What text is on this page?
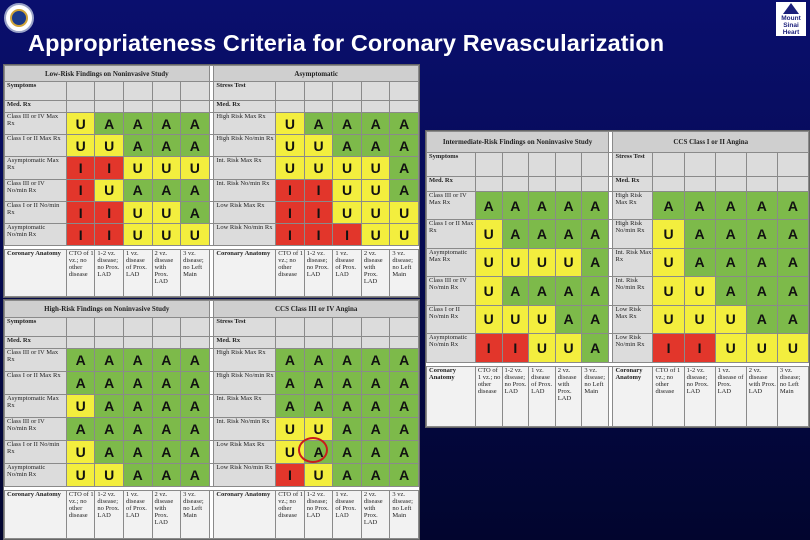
Mount
Sinai
Heart
Appropriateness Criteria for Coronary Revascularization
Low-Risk Findings on Noninvasive Study							Asymptomatic					
Symptoms							Stress Test					
Med. Rx							Med. Rx					
Class III or IV Max Rx	U	A	A	A	A		High Risk Max Rx	U	A	A	A	A
Class I or II Max Rx	U	U	A	A	A		High Risk No/min Rx	U	U	A	A	A
Asymptomatic Max Rx	I	I	U	U	U		Int. Risk Max Rx	U	U	U	U	A
Class III or IV No/min Rx	I	U	A	A	A		Int. Risk No/min Rx	I	I	U	U	A
Class I or II No/min Rx	I	I	U	U	A		Low Risk Max Rx	I	I	U	U	U
Asymptomatic No/min Rx	I	I	U	U	U		Low Risk No/min Rx	I	I	I	U	U

Coronary Anatomy	CTO of 1 vz.; no other disease	1-2 vz. disease; no Prox. LAD	1 vz. disease of Prox. LAD	2 vz. disease with Prox. LAD	3 vz. disease; no Left Main		Coronary Anatomy	CTO of 1 vz.; no other disease	1-2 vz. disease; no Prox. LAD	1 vz. disease of Prox. LAD	2 vz. disease with Prox. LAD	3 vz. disease; no Left Main
High-Risk Findings on Noninvasive Study							CCS Class III or IV Angina					
Symptoms							Stress Test					
Med. Rx							Med. Rx					
Class III or IV Max Rx	A	A	A	A	A		High Risk Max Rx	A	A	A	A	A
Class I or II Max Rx	A	A	A	A	A		High Risk No/min Rx	A	A	A	A	A
Asymptomatic Max Rx	U	A	A	A	A		Int. Risk Max Rx	A	A	A	A	A
Class III or IV No/min Rx	A	A	A	A	A		Int. Risk No/min Rx	U	U	A	A	A
Class I or II No/min Rx	U	A	A	A	A		Low Risk Max Rx	U	A	A	A	A
Asymptomatic No/min Rx	U	U	A	A	A		Low Risk No/min Rx	I	U	A	A	A

Coronary Anatomy	CTO of 1 vz.; no other disease	1-2 vz. disease; no Prox. LAD	1 vz. disease of Prox. LAD	2 vz. disease with Prox. LAD	3 vz. disease; no Left Main		Coronary Anatomy	CTO of 1 vz.; no other disease	1-2 vz. disease; no Prox. LAD	1 vz. disease of Prox. LAD	2 vz. disease with Prox. LAD	3 vz. disease; no Left Main
Intermediate-Risk Findings on Noninvasive Study							CCS Class I or II Angina					
Symptoms							Stress Test					
Med. Rx							Med. Rx					
Class III or IV Max Rx	A	A	A	A	A		High Risk Max Rx	A	A	A	A	A
Class I or II Max Rx	U	A	A	A	A		High Risk No/min Rx	U	A	A	A	A
Asymptomatic Max Rx	U	U	U	U	A		Int. Risk Max Rx	U	A	A	A	A
Class III or IV No/min Rx	U	A	A	A	A		Int. Risk No/min Rx	U	U	A	A	A
Class I or II No/min Rx	U	U	U	A	A		Low Risk Max Rx	U	U	U	A	A
Asymptomatic No/min Rx	I	I	U	U	A		Low Risk No/min Rx	I	I	U	U	U

Coronary Anatomy	CTO of 1 vz.; no other disease	1-2 vz. disease; no Prox. LAD	1 vz. disease of Prox. LAD	2 vz. disease with Prox. LAD	3 vz. disease; no Left Main		Coronary Anatomy	CTO of 1 vz.; no other disease	1-2 vz. disease; no Prox. LAD	1 vz. disease of Prox. LAD	2 vz. disease with Prox. LAD	3 vz. disease; no Left Main
